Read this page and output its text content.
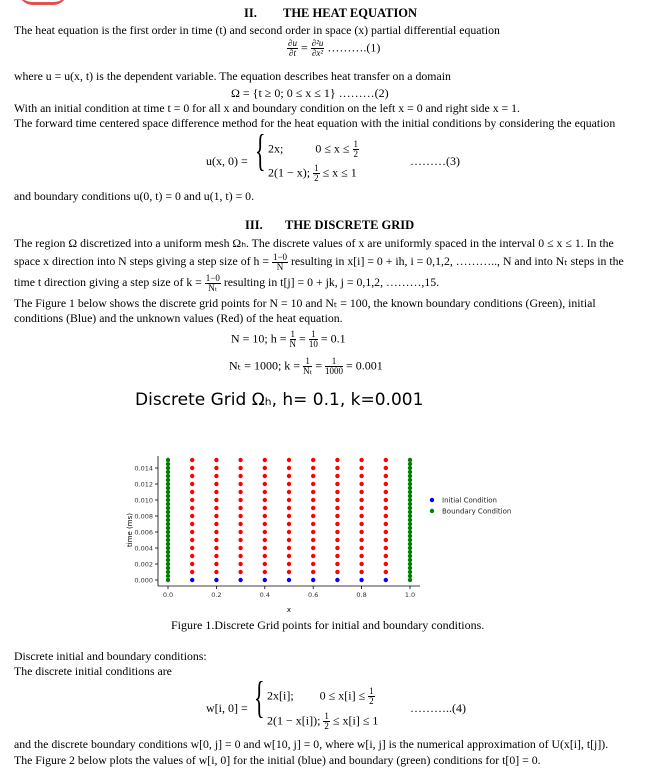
II. THE HEAT EQUATION
The heat equation is the first order in time (t) and second order in space (x) partial differential equation
$\frac{\partial u}{\partial t} = \frac{\text{∂²u}}{\text{∂x²}}$ ……….(1)
where u = u(x, t) is the dependent variable. The equation describes heat transfer on a domain
Ω = {t ≥ 0; 0 ≤ x ≤ 1} ………(2)
With an initial condition at time t = 0 for all x and boundary condition on the left x = 0 and right side x = 1.
The forward time centered space difference method for the heat equation with the initial conditions by considering the equation
u(x, 0) = { 2x;	$0 \le x \le \frac{1}{2}$
2(1 − x); $\frac{1}{2} \le x \le 1$
………(3)
and boundary conditions u(0, t) = 0 and u(1, t) = 0.
III. THE DISCRETE GRID
The region Ω discretized into a uniform mesh Ωₕ. The discrete values of x are uniformly spaced in the interval 0 ≤ x ≤ 1. In the
space x direction into N steps giving a step size of $h = \frac{1-0}{N}$ resulting in x[i] = 0 + ih, i = 0,1,2, ……….., N and into Nₜ steps in the
time t direction giving a step size of $k = \frac{1-0}{\text{Nₜ}}$ resulting in t[j] = 0 + jk, j = 0,1,2, ………,15.
The Figure 1 below shows the discrete grid points for N = 10 and Nₜ = 100, the known boundary conditions (Green), initial
conditions (Blue) and the unknown values (Red) of the heat equation.
N = 10; $h = \frac{1}{N} = \frac{1}{10} = 0.1$
Nₜ = 1000; $k = \frac{1}{\text{Nₜ}} = \frac{1}{1000} = 0.001$
Discrete Grid Ωₕ, h= 0.1, k=0.001
0.0	0.2	0.4	0.6	0.8	1.0
0.000
0.002
0.004
0.006
0.008
0.010
0.012
0.014
x
time (ms)
Initial Condition
Boundary Condition
Figure 1.Discrete Grid points for initial and boundary conditions.
Discrete initial and boundary conditions:
The discrete initial conditions are
w[i, 0] = { 2x[i]; $0 \le x[i] \le \frac{1}{2}$
2(1 − x[i]); $\frac{1}{2} \le x[i] \le 1$
………..(4)
and the discrete boundary conditions w[0, j] = 0 and w[10, j] = 0, where w[i, j] is the numerical approximation of U(x[i], t[j]).
The Figure 2 below plots the values of w[i, 0] for the initial (blue) and boundary (green) conditions for t[0] = 0.
